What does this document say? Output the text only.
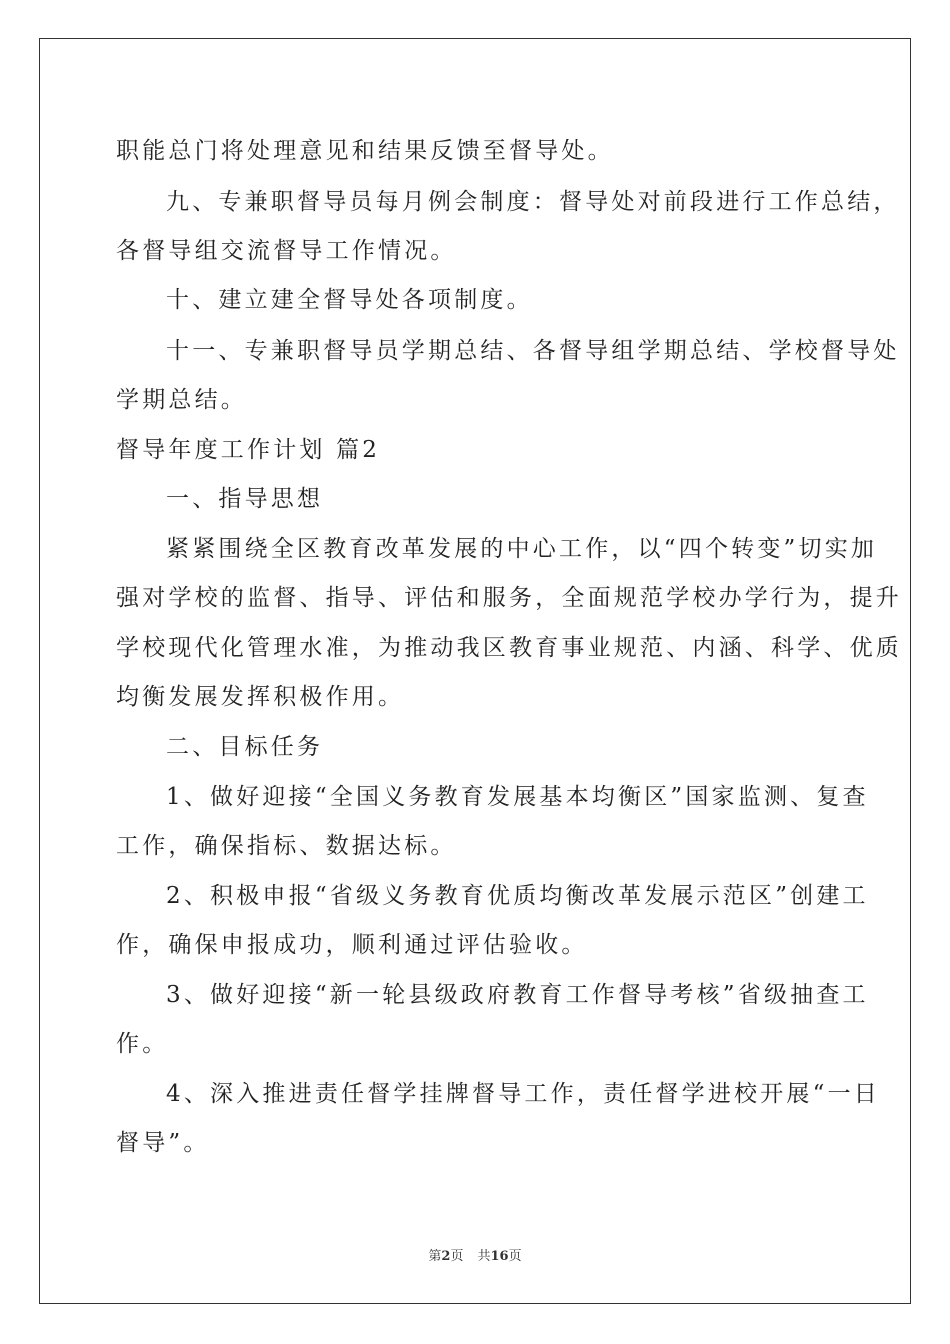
职能总门将处理意见和结果反馈至督导处。
九、专兼职督导员每月例会制度：督导处对前段进行工作总结，
各督导组交流督导工作情况。
十、建立建全督导处各项制度。
十一、专兼职督导员学期总结、各督导组学期总结、学校督导处
学期总结。
督导年度工作计划 篇2
一、指导思想
紧紧围绕全区教育改革发展的中心工作，以“四个转变”切实加
强对学校的监督、指导、评估和服务，全面规范学校办学行为，提升
学校现代化管理水准，为推动我区教育事业规范、内涵、科学、优质
均衡发展发挥积极作用。
二、目标任务
1、做好迎接“全国义务教育发展基本均衡区”国家监测、复查
工作，确保指标、数据达标。
2、积极申报“省级义务教育优质均衡改革发展示范区”创建工
作，确保申报成功，顺利通过评估验收。
3、做好迎接“新一轮县级政府教育工作督导考核”省级抽查工
作。
4、深入推进责任督学挂牌督导工作，责任督学进校开展“一日
督导”。
第2页 共16页
